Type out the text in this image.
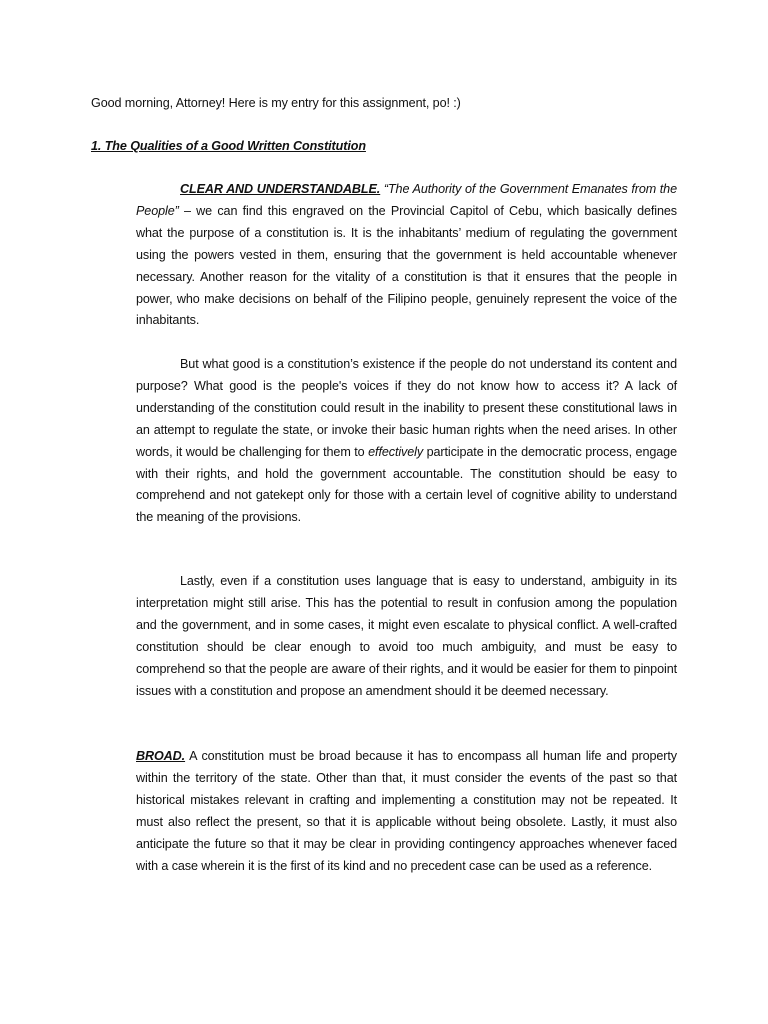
Good morning, Attorney! Here is my entry for this assignment, po! :)
1. The Qualities of a Good Written Constitution

CLEAR AND UNDERSTANDABLE. “The Authority of the Government Emanates from the People” – we can find this engraved on the Provincial Capitol of Cebu, which basically defines what the purpose of a constitution is. It is the inhabitants’ medium of regulating the government using the powers vested in them, ensuring that the government is held accountable whenever necessary. Another reason for the vitality of a constitution is that it ensures that the people in power, who make decisions on behalf of the Filipino people, genuinely represent the voice of the inhabitants.

But what good is a constitution’s existence if the people do not understand its content and purpose? What good is the people's voices if they do not know how to access it? A lack of understanding of the constitution could result in the inability to present these constitutional laws in an attempt to regulate the state, or invoke their basic human rights when the need arises. In other words, it would be challenging for them to effectively participate in the democratic process, engage with their rights, and hold the government accountable. The constitution should be easy to comprehend and not gatekept only for those with a certain level of cognitive ability to understand the meaning of the provisions.

Lastly, even if a constitution uses language that is easy to understand, ambiguity in its interpretation might still arise. This has the potential to result in confusion among the population and the government, and in some cases, it might even escalate to physical conflict. A well-crafted constitution should be clear enough to avoid too much ambiguity, and must be easy to comprehend so that the people are aware of their rights, and it would be easier for them to pinpoint issues with a constitution and propose an amendment should it be deemed necessary.

BROAD. A constitution must be broad because it has to encompass all human life and property within the territory of the state. Other than that, it must consider the events of the past so that historical mistakes relevant in crafting and implementing a constitution may not be repeated. It must also reflect the present, so that it is applicable without being obsolete. Lastly, it must also anticipate the future so that it may be clear in providing contingency approaches whenever faced with a case wherein it is the first of its kind and no precedent case can be used as a reference.
